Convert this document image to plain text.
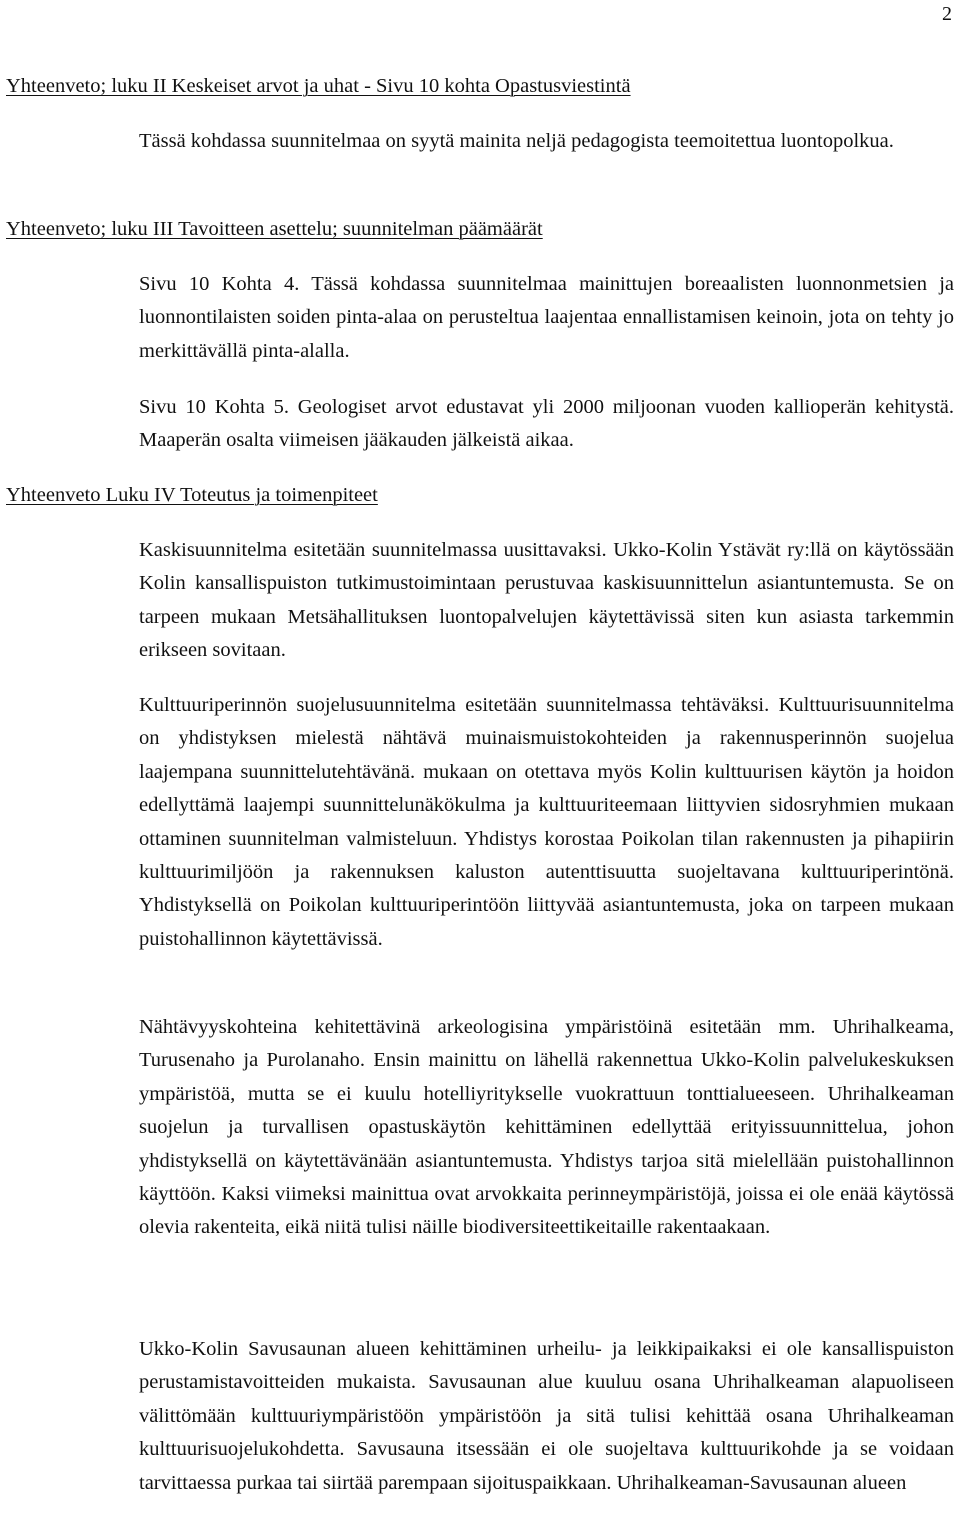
2
Yhteenveto; luku II Keskeiset arvot ja uhat - Sivu 10 kohta Opastusviestintä
Tässä kohdassa suunnitelmaa on syytä mainita neljä pedagogista teemoitettua luontopolkua.
Yhteenveto; luku III Tavoitteen asettelu; suunnitelman päämäärät
Sivu 10 Kohta 4. Tässä kohdassa suunnitelmaa mainittujen boreaalisten luonnonmetsien ja luonnontilaisten soiden pinta-alaa on perusteltua laajentaa ennallistamisen keinoin, jota on tehty jo merkittävällä pinta-alalla.
Sivu 10 Kohta 5. Geologiset arvot edustavat yli 2000 miljoonan vuoden kallioperän kehitystä. Maaperän osalta viimeisen jääkauden jälkeistä aikaa.
Yhteenveto Luku IV Toteutus ja toimenpiteet
Kaskisuunnitelma esitetään suunnitelmassa uusittavaksi. Ukko-Kolin Ystävät ry:llä on käytössään Kolin kansallispuiston tutkimustoimintaan perustuvaa kaskisuunnittelun asiantuntemusta. Se on tarpeen mukaan Metsähallituksen luontopalvelujen käytettävissä siten kun asiasta tarkemmin erikseen sovitaan.
Kulttuuriperinnön suojelusuunnitelma esitetään suunnitelmassa tehtäväksi. Kulttuurisuunnitelma on yhdistyksen mielestä nähtävä muinaismuistokohteiden ja rakennusperinnön suojelua laajempana suunnittelutehtävänä. mukaan on otettava myös Kolin kulttuurisen käytön ja hoidon edellyttämä laajempi suunnittelunäkökulma ja kulttuuriteemaan liittyvien sidosryhmien mukaan ottaminen suunnitelman valmisteluun. Yhdistys korostaa Poikolan tilan rakennusten ja pihapiirin kulttuurimiljöön ja rakennuksen kaluston autenttisuutta suojeltavana kulttuuriperintönä. Yhdistyksellä on Poikolan kulttuuriperintöön liittyvää asiantuntemusta, joka on tarpeen mukaan puistohallinnon käytettävissä.
Nähtävyyskohteina kehitettävinä arkeologisina ympäristöinä esitetään mm. Uhrihalkeama, Turusenaho ja Purolanaho. Ensin mainittu on lähellä rakennettua Ukko-Kolin palvelukeskuksen ympäristöä, mutta se ei kuulu hotelliyritykselle vuokrattuun tonttialueeseen. Uhrihalkeaman suojelun ja turvallisen opastuskäytön kehittäminen edellyttää erityissuunnittelua, johon yhdistyksellä on käytettävänään asiantuntemusta. Yhdistys tarjoa sitä mielellään puistohallinnon käyttöön. Kaksi viimeksi mainittua ovat arvokkaita perinneympäristöjä, joissa ei ole enää käytössä olevia rakenteita, eikä niitä tulisi näille biodiversiteettikeitaille rakentaakaan.
Ukko-Kolin Savusaunan alueen kehittäminen urheilu- ja leikkipaikaksi ei ole kansallispuiston perustamistavoitteiden mukaista. Savusaunan alue kuuluu osana Uhrihalkeaman alapuoliseen välittömään kulttuuriympäristöön ympäristöön ja sitä tulisi kehittää osana Uhrihalkeaman kulttuurisuojelukohdetta. Savusauna itsessään ei ole suojeltava kulttuurikohde ja se voidaan tarvittaessa purkaa tai siirtää parempaan sijoituspaikkaan. Uhrihalkeaman-Savusaunan alueen
